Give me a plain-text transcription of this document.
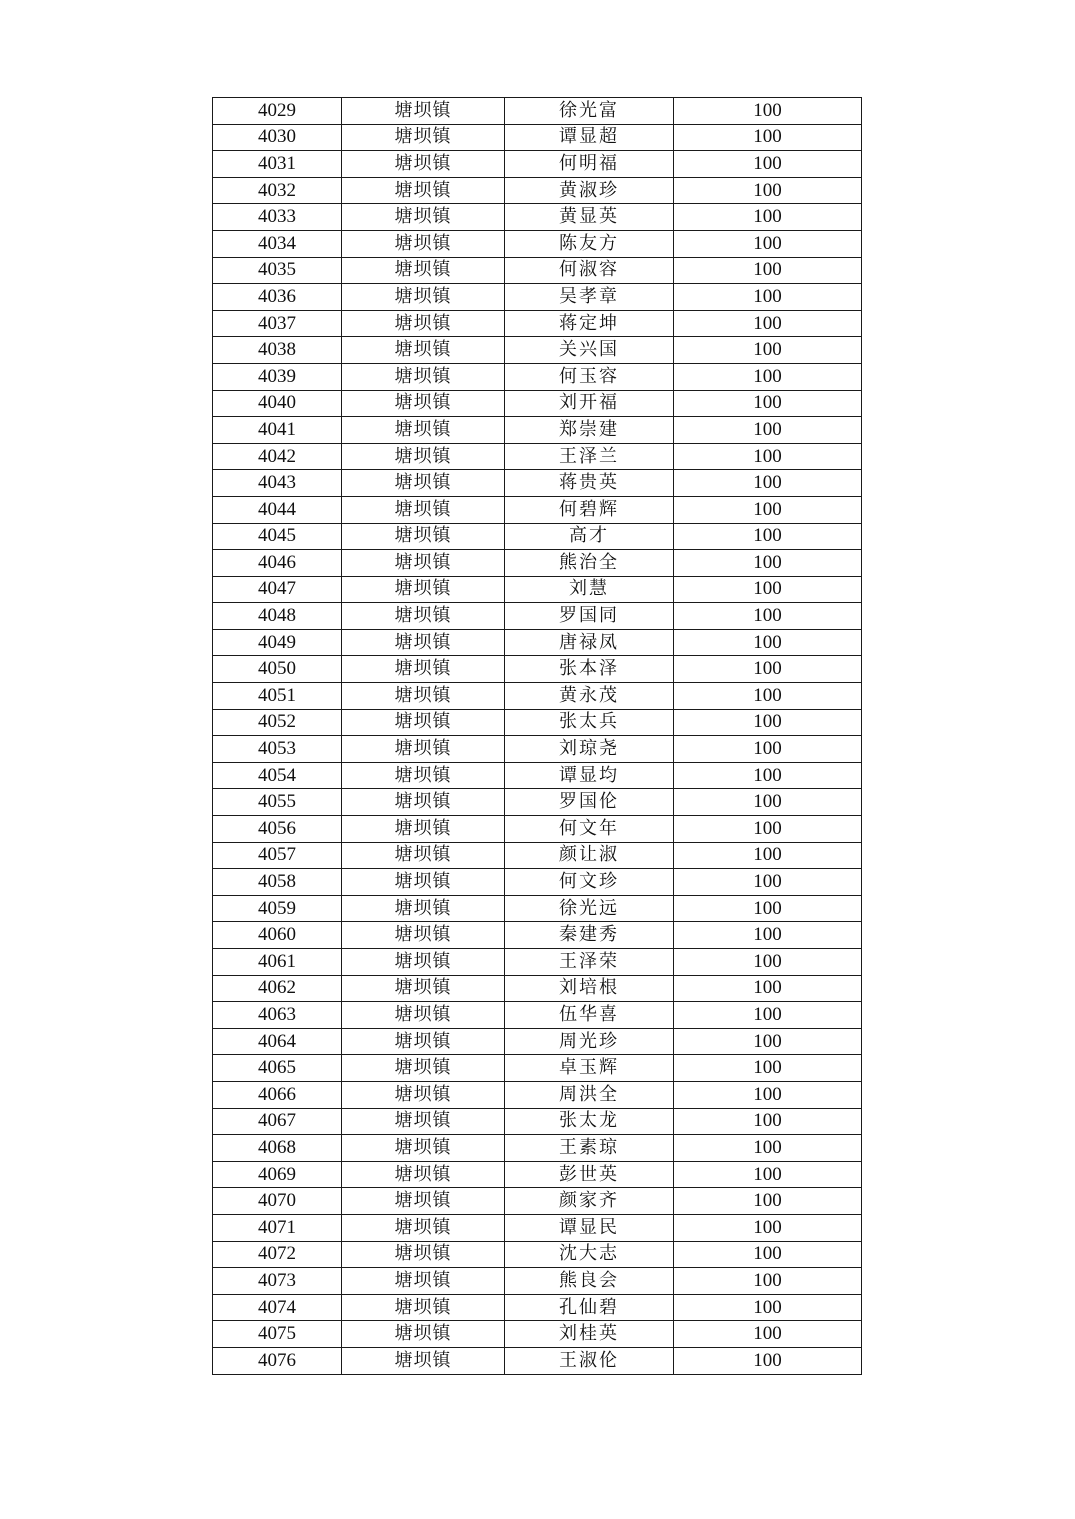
4029	塘坝镇	徐光富	100
4030	塘坝镇	谭显超	100
4031	塘坝镇	何明福	100
4032	塘坝镇	黄淑珍	100
4033	塘坝镇	黄显英	100
4034	塘坝镇	陈友方	100
4035	塘坝镇	何淑容	100
4036	塘坝镇	吴孝章	100
4037	塘坝镇	蒋定坤	100
4038	塘坝镇	关兴国	100
4039	塘坝镇	何玉容	100
4040	塘坝镇	刘开福	100
4041	塘坝镇	郑崇建	100
4042	塘坝镇	王泽兰	100
4043	塘坝镇	蒋贵英	100
4044	塘坝镇	何碧辉	100
4045	塘坝镇	高才	100
4046	塘坝镇	熊治全	100
4047	塘坝镇	刘慧	100
4048	塘坝镇	罗国同	100
4049	塘坝镇	唐禄凤	100
4050	塘坝镇	张本泽	100
4051	塘坝镇	黄永茂	100
4052	塘坝镇	张太兵	100
4053	塘坝镇	刘琼尧	100
4054	塘坝镇	谭显均	100
4055	塘坝镇	罗国伦	100
4056	塘坝镇	何文年	100
4057	塘坝镇	颜让淑	100
4058	塘坝镇	何文珍	100
4059	塘坝镇	徐光远	100
4060	塘坝镇	秦建秀	100
4061	塘坝镇	王泽荣	100
4062	塘坝镇	刘培根	100
4063	塘坝镇	伍华喜	100
4064	塘坝镇	周光珍	100
4065	塘坝镇	卓玉辉	100
4066	塘坝镇	周洪全	100
4067	塘坝镇	张太龙	100
4068	塘坝镇	王素琼	100
4069	塘坝镇	彭世英	100
4070	塘坝镇	颜家齐	100
4071	塘坝镇	谭显民	100
4072	塘坝镇	沈大志	100
4073	塘坝镇	熊良会	100
4074	塘坝镇	孔仙碧	100
4075	塘坝镇	刘桂英	100
4076	塘坝镇	王淑伦	100
